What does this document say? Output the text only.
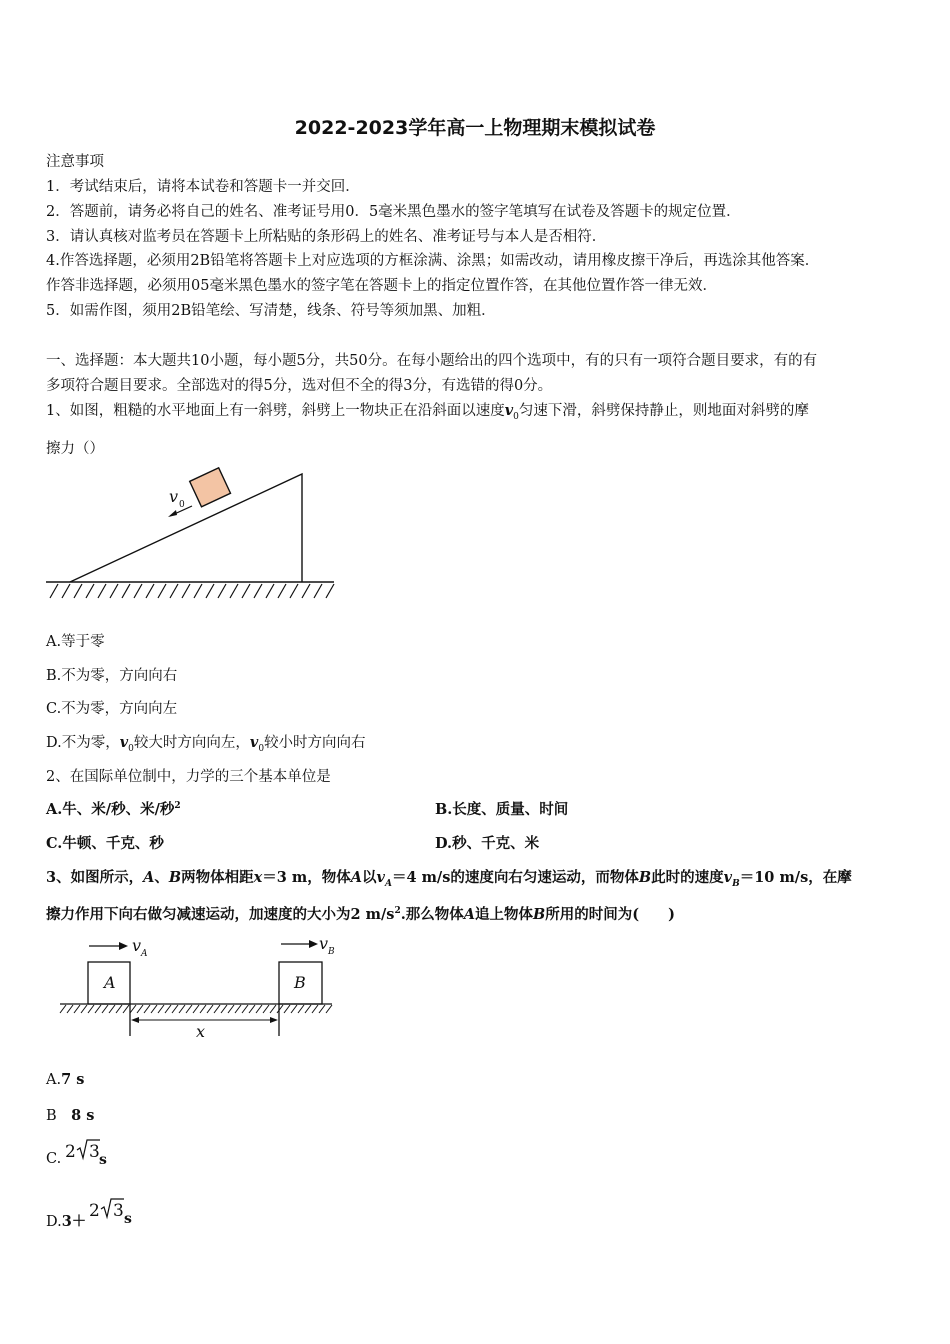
2022-2023学年高一上物理期末模拟试卷
注意事项
1．考试结束后，请将本试卷和答题卡一并交回．
2．答题前，请务必将自己的姓名、准考证号用0．5毫米黑色墨水的签字笔填写在试卷及答题卡的规定位置．
3．请认真核对监考员在答题卡上所粘贴的条形码上的姓名、准考证号与本人是否相符．
4.作答选择题，必须用2B铅笔将答题卡上对应选项的方框涂满、涂黑；如需改动，请用橡皮擦干净后，再选涂其他答案．
作答非选择题，必须用05毫米黑色墨水的签字笔在答题卡上的指定位置作答，在其他位置作答一律无效．
5．如需作图，须用2B铅笔绘、写清楚，线条、符号等须加黑、加粗．
一、选择题：本大题共10小题，每小题5分，共50分。在每小题给出的四个选项中，有的只有一项符合题目要求，有的有
多项符合题目要求。全部选对的得5分，选对但不全的得3分，有选错的得0分。
1、如图，粗糙的水平地面上有一斜劈，斜劈上一物块正在沿斜面以速度$v_0$匀速下滑，斜劈保持静止，则地面对斜劈的摩
擦力（）
v 0
A.等于零
B.不为零，方向向右
C.不为零，方向向左
D.不为零，$v_0$较大时方向向左，$v_0$较小时方向向右
2、在国际单位制中，力学的三个基本单位是
A.牛、米/秒、米/秒$^2$	B.长度、质量、时间
C.牛顿、千克、秒	D.秒、千克、米
3、如图所示，A、B两物体相距x＝3 m，物体A以$v_A=4$ m/s的速度向右匀速运动，而物体B此时的速度$v_B=10$ m/s，在摩
擦力作用下向右做匀减速运动，加速度的大小为2 $m/s^2$.那么物体A追上物体B所用的时间为(　　)
v A
v B
A	B
x
A.7 s
B　8 s
C. 2 3 s
D.3＋
2 3 s
